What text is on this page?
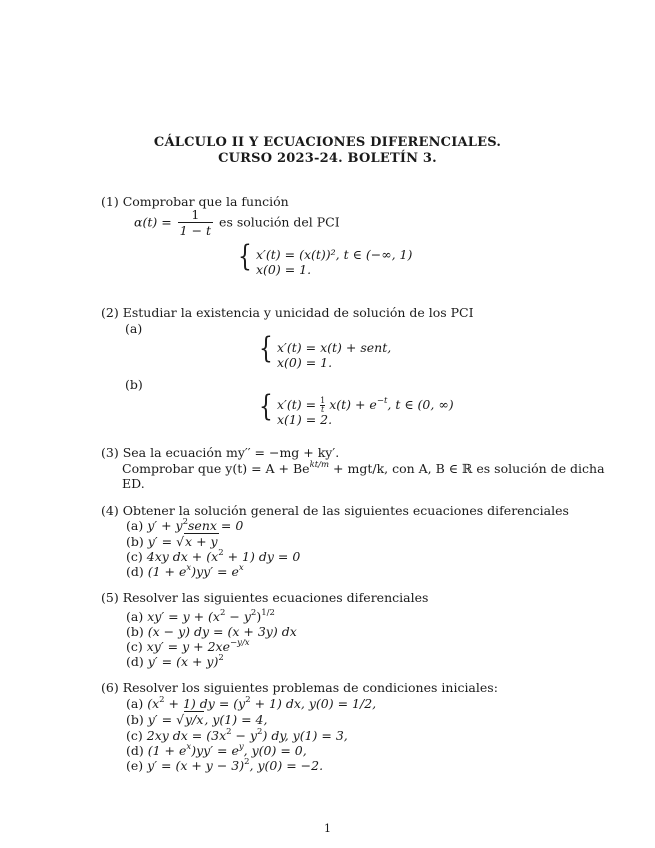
CÁLCULO II Y ECUACIONES DIFERENCIALES.
CURSO 2023-24. BOLETÍN 3.
(1) Comprobar que la función
$\alpha(t) = \frac{1}{1 - t}$ es solución del PCI
{ x′(t) = (x(t))², t ∈ (−∞, 1)
x(0) = 1.
(2) Estudiar la existencia y unicidad de solución de los PCI
(a)
{ x′(t) = x(t) + sent,
x(0) = 1.
(b)
{ $x'(t) = \frac{1}{t} x(t) + e^{-t}$, t ∈ (0, ∞)
x(1) = 2.
(3) Sea la ecuación my′′ = −mg + ky′.
Comprobar que $y(t) = A + Be^{kt/m} + mgt/k$, con A, B ∈ ℝ es solución de dicha
ED.
(4) Obtener la solución general de las siguientes ecuaciones diferenciales
(a) $y' + y^2senx = 0$
(b) y′ = √x + y
(c) 4xy dx + $(x^2 + 1)$ dy = 0
(d) $(1 + e^x)yy' = e^x$
(5) Resolver las siguientes ecuaciones diferenciales
(a) $xy' = y + (x^2 - y^2)^{1/2}$
(b) (x − y) dy = (x + 3y) dx
(c) $xy' = y + 2xe^{-y/x}$
(d) $y' = (x + y)^2$
(6) Resolver los siguientes problemas de condiciones iniciales:
(a) $(x^2 + 1)$ dy = $(y^2 + 1)$ dx, y(0) = 1/2,
(b) y′ = √y/x, y(1) = 4,
(c) 2xy dx = $(3x^2 - y^2)$ dy, y(1) = 3,
(d) $(1 + e^x)yy' = e^y$, y(0) = 0,
(e) $y' = (x + y - 3)^2$, y(0) = −2.
1
